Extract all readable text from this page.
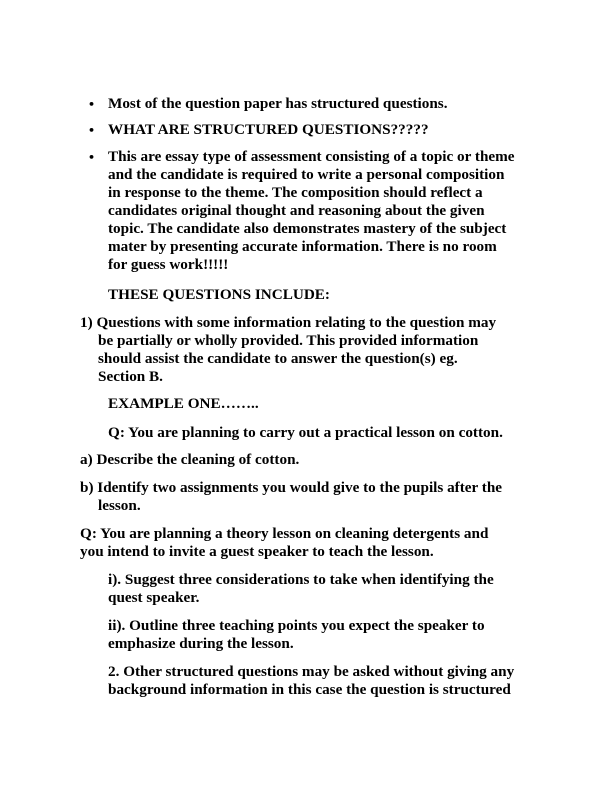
• Most of the question paper has structured questions.
• WHAT ARE STRUCTURED QUESTIONS?????
• This are essay type of assessment consisting of a topic or theme
and the candidate is required to write a personal composition
in response to the theme. The composition should reflect a
candidates original thought and reasoning about the given
topic. The candidate also demonstrates mastery of the subject
mater by presenting accurate information. There is no room
for guess work!!!!!
THESE QUESTIONS INCLUDE:
1) Questions with some information relating to the question may
be partially or wholly provided. This provided information
should assist the candidate to answer the question(s) eg.
Section B.
EXAMPLE ONE……..
Q: You are planning to carry out a practical lesson on cotton.
a) Describe the cleaning of cotton.
b) Identify two assignments you would give to the pupils after the
lesson.
Q: You are planning a theory lesson on cleaning detergents and
you intend to invite a guest speaker to teach the lesson.
i). Suggest three considerations to take when identifying the
quest speaker.
ii). Outline three teaching points you expect the speaker to
emphasize during the lesson.
2. Other structured questions may be asked without giving any
background information in this case the question is structured
